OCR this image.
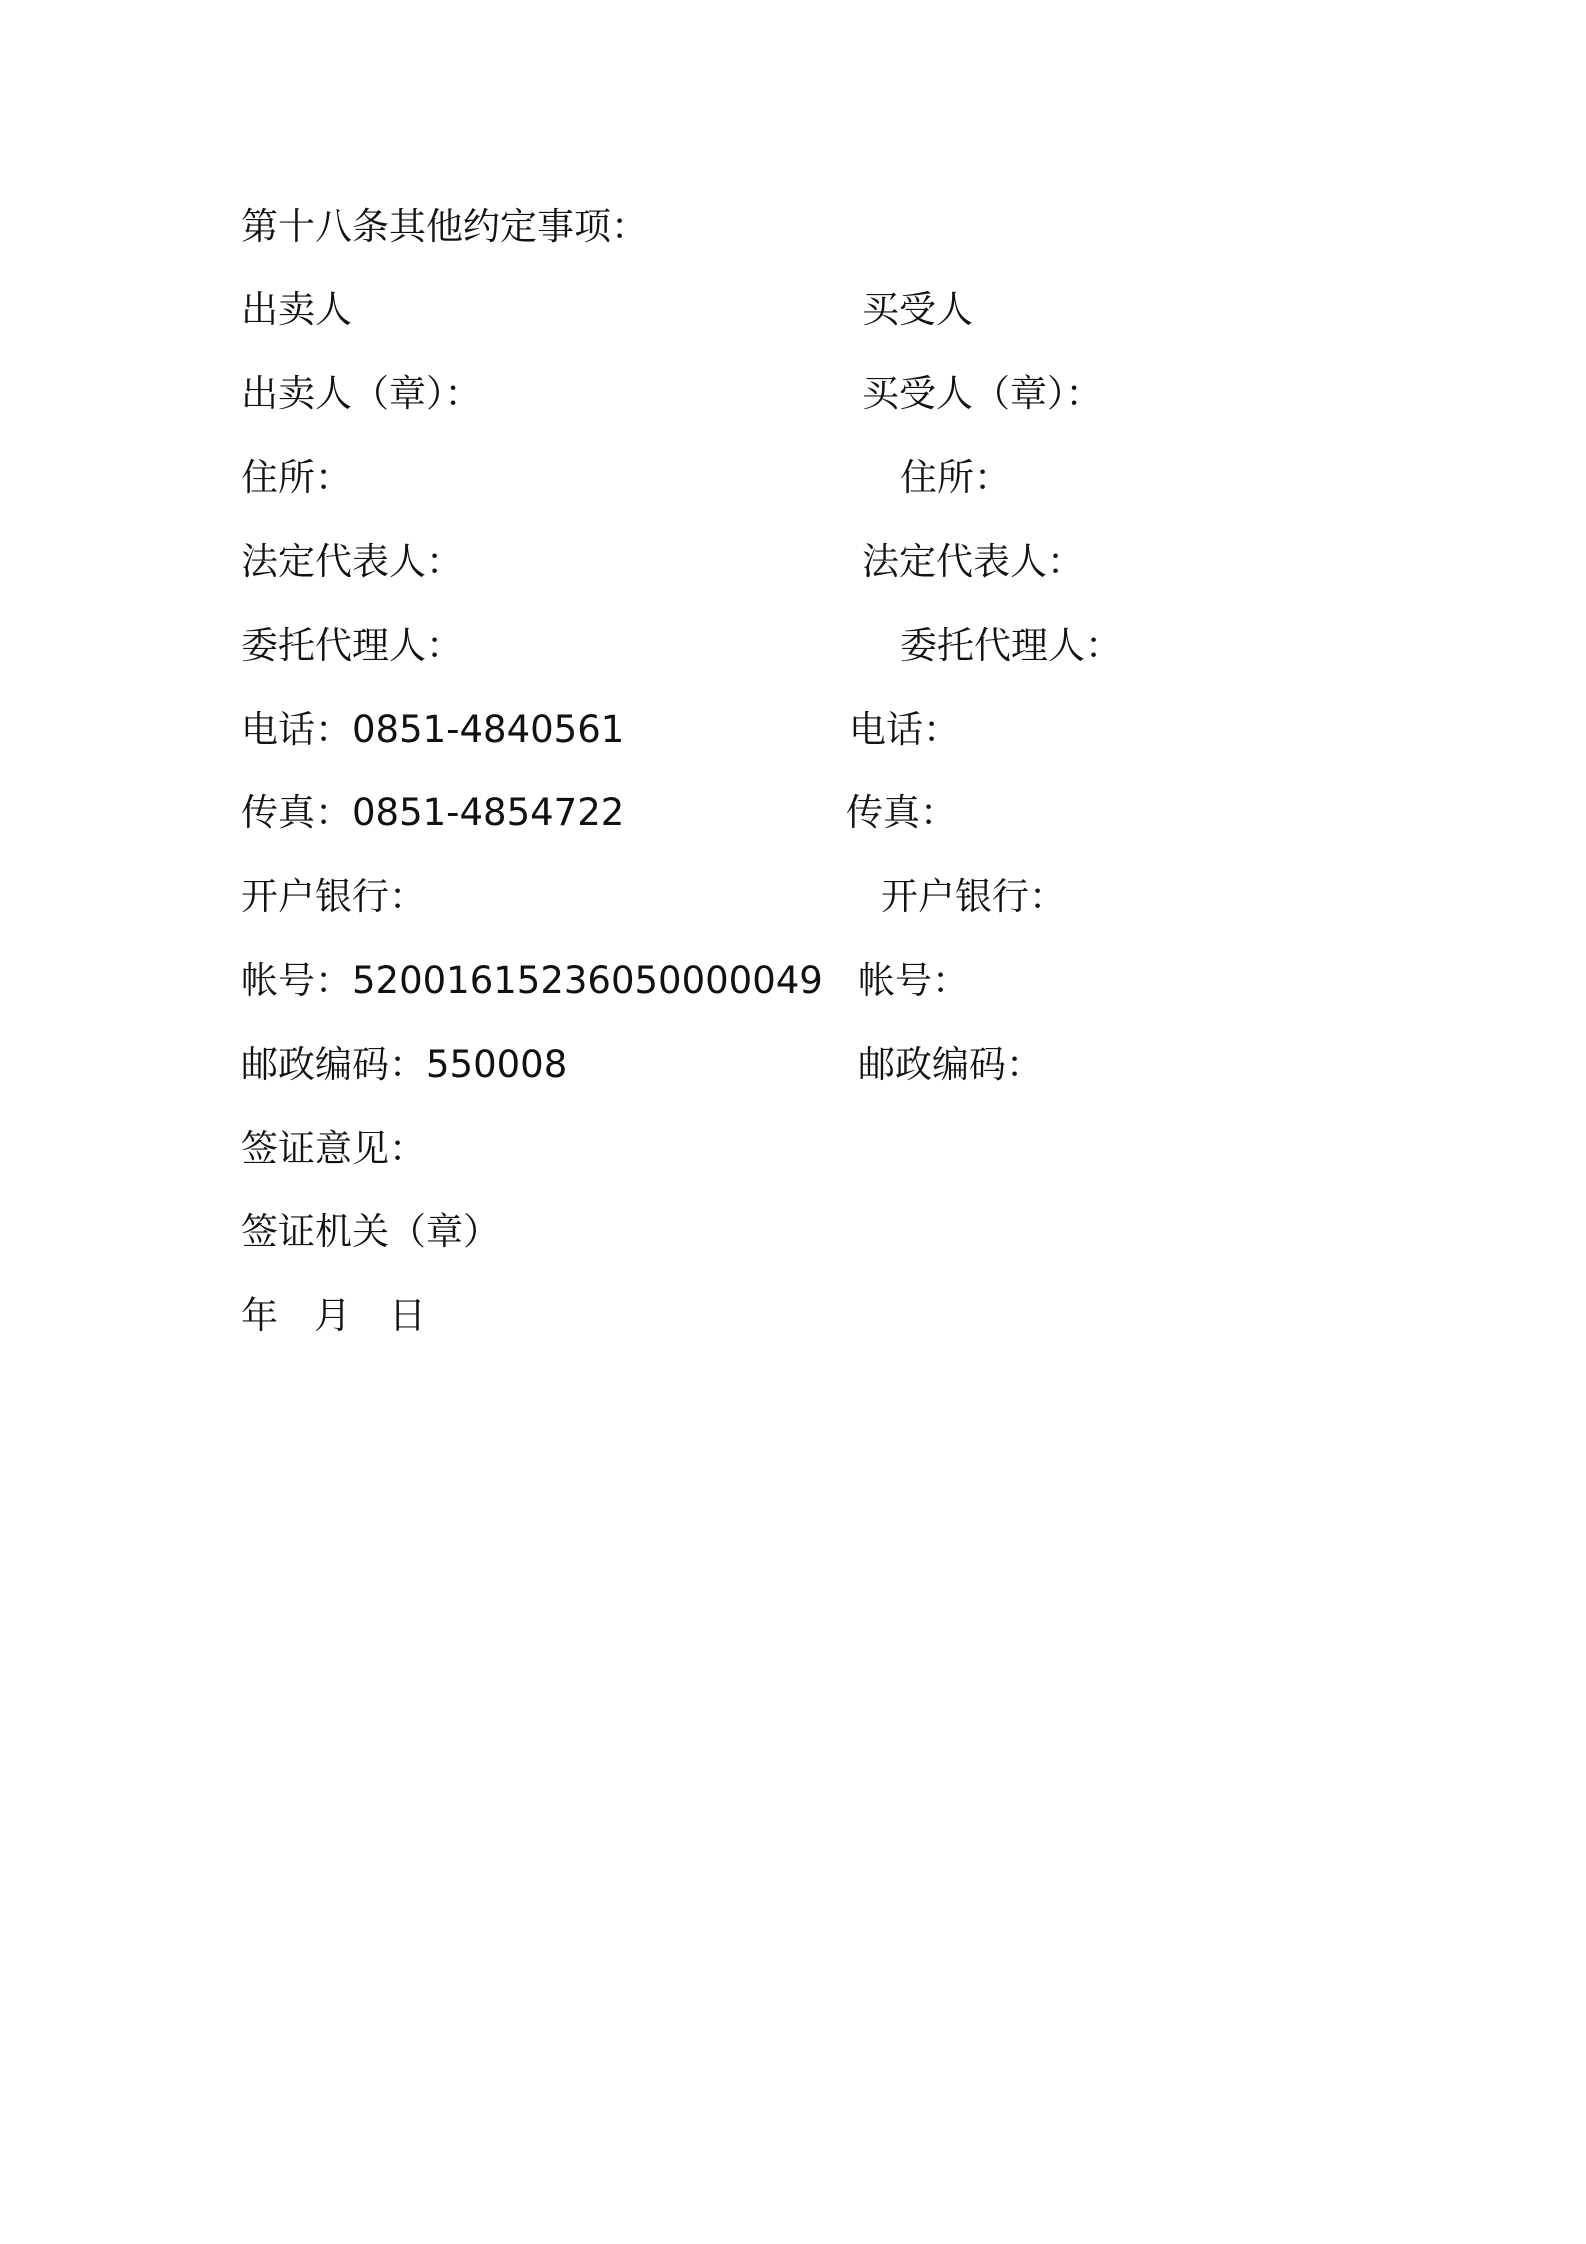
第十八条其他约定事项：
出卖人	买受人
出卖人（章）：	买受人（章）：
住所：	住所：
法定代表人：	法定代表人：
委托代理人：	委托代理人：
电话：0851-4840561	电话：
传真：0851-4854722	传真：
开户银行：	开户银行：
帐号：52001615236050000049 帐号：
邮政编码：550008	邮政编码：
签证意见：
签证机关（章）
年 月 日
